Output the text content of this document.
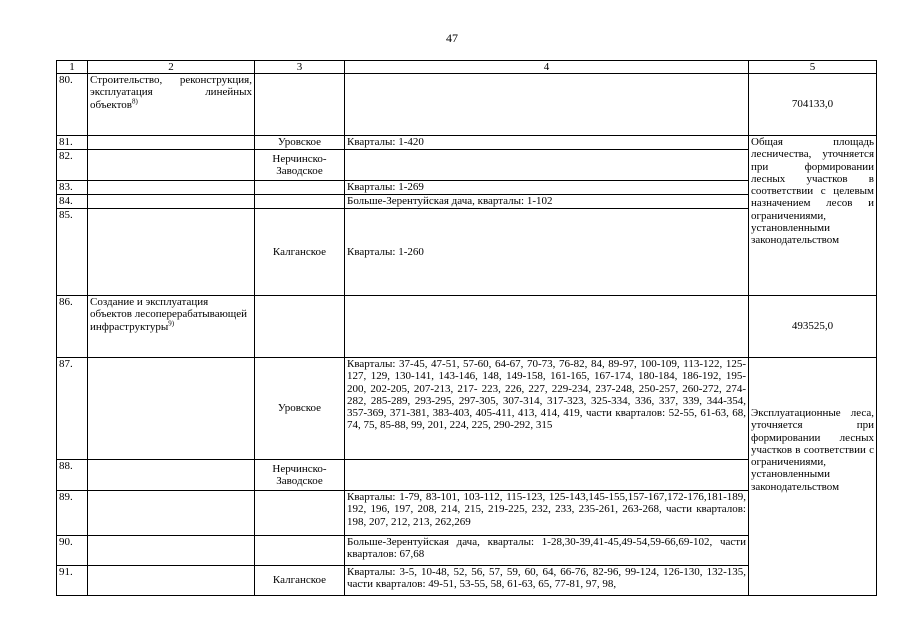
47
1	2	3	4	5
80.	Строительство, реконструкция, эксплуатация линейных объектов$^{8)}$			704133,0
81.		Уровское	Кварталы: 1-420	Общая площадь лесничества, уточняется при формировании лесных участков в соответствии с целевым назначением лесов и ограничениями, установленными законодательством
82.		Нерчинско-Заводское		
83.			Кварталы: 1-269	
84.			Больше-Зерентуйская дача, кварталы: 1-102	
85.		Калганское	Кварталы: 1-260	
86.	Создание и эксплуатация объектов лесоперерабатывающей инфраструктуры$^{9)}$			493525,0
87.		Уровское	Кварталы: 37-45, 47-51, 57-60, 64-67, 70-73, 76-82, 84, 89-97, 100-109, 113-122, 125-127, 129, 130-141, 143-146, 148, 149-158, 161-165, 167-174, 180-184, 186-192, 195-200, 202-205, 207-213, 217- 223, 226, 227, 229-234, 237-248, 250-257, 260-272, 274-282, 285-289, 293-295, 297-305, 307-314, 317-323, 325-334, 336, 337, 339, 344-354, 357-369, 371-381, 383-403, 405-411, 413, 414, 419, части кварталов: 52-55, 61-63, 68, 74, 75, 85-88, 99, 201, 224, 225, 290-292, 315	Эксплуатационные леса, уточняется при формировании лесных участков в соответствии с ограничениями, установленными законодательством
88.		Нерчинско-Заводское		
89.			Кварталы: 1-79, 83-101, 103-112, 115-123, 125-143,145-155,157-167,172-176,181-189, 192, 196, 197, 208, 214, 215, 219-225, 232, 233, 235-261, 263-268, части кварталов: 198, 207, 212, 213, 262,269	
90.			Больше-Зерентуйская дача, кварталы: 1-28,30-39,41-45,49-54,59-66,69-102, части кварталов: 67,68	
91.		Калганское	Кварталы: 3-5, 10-48, 52, 56, 57, 59, 60, 64, 66-76, 82-96, 99-124, 126-130, 132-135, части кварталов: 49-51, 53-55, 58, 61-63, 65, 77-81, 97, 98,	
